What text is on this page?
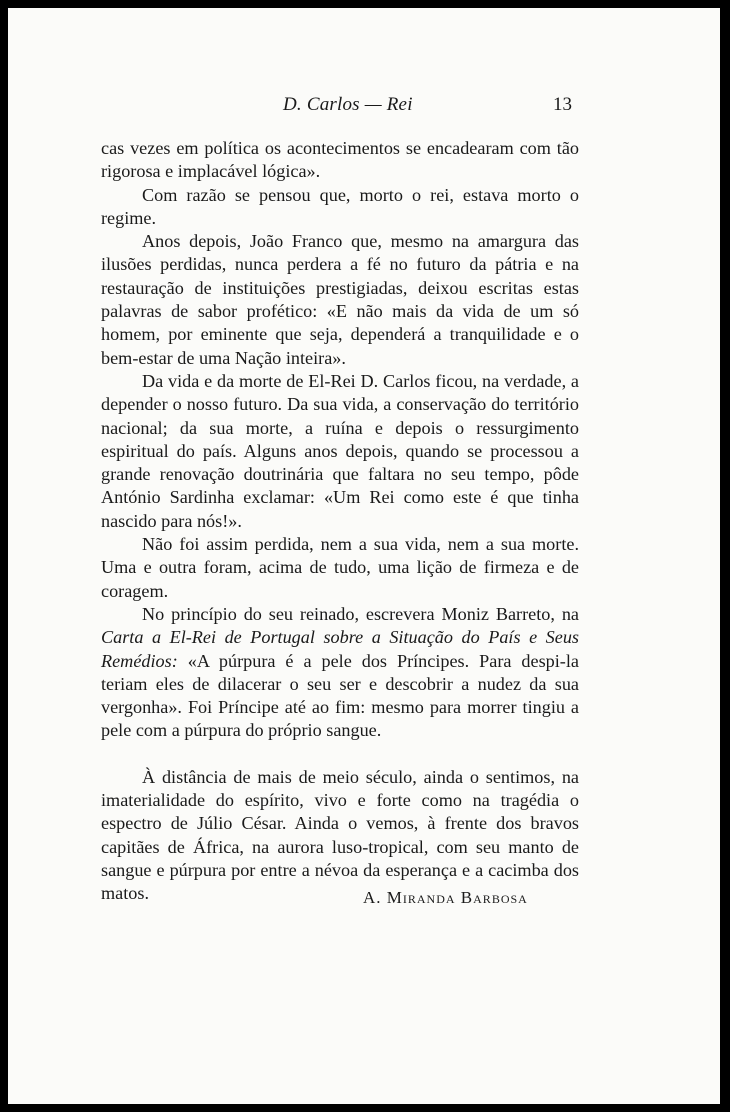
D. Carlos — Rei	13

cas vezes em política os acontecimentos se encadearam com tão rigorosa e implacável lógica».

Com razão se pensou que, morto o rei, estava morto o regime.

Anos depois, João Franco que, mesmo na amargura das ilusões perdidas, nunca perdera a fé no futuro da pátria e na restauração de instituições prestigiadas, deixou escritas estas palavras de sabor profético: «E não mais da vida de um só homem, por eminente que seja, dependerá a tranquilidade e o bem-estar de uma Nação inteira».

Da vida e da morte de El-Rei D. Carlos ficou, na verdade, a depender o nosso futuro. Da sua vida, a conservação do território nacional; da sua morte, a ruína e depois o ressurgimento espiritual do país. Alguns anos depois, quando se processou a grande renovação doutrinária que faltara no seu tempo, pôde António Sardinha exclamar: «Um Rei como este é que tinha nascido para nós!».

Não foi assim perdida, nem a sua vida, nem a sua morte. Uma e outra foram, acima de tudo, uma lição de firmeza e de coragem.

No princípio do seu reinado, escrevera Moniz Barreto, na Carta a El-Rei de Portugal sobre a Situação do País e Seus Remédios: «A púrpura é a pele dos Príncipes. Para despi-la teriam eles de dilacerar o seu ser e descobrir a nudez da sua vergonha». Foi Príncipe até ao fim: mesmo para morrer tingiu a pele com a púrpura do próprio sangue.

À distância de mais de meio século, ainda o sentimos, na imaterialidade do espírito, vivo e forte como na tragédia o espectro de Júlio César. Ainda o vemos, à frente dos bravos capitães de África, na aurora luso-tropical, com seu manto de sangue e púrpura por entre a névoa da esperança e a cacimba dos matos.	A. Miranda Barbosa
